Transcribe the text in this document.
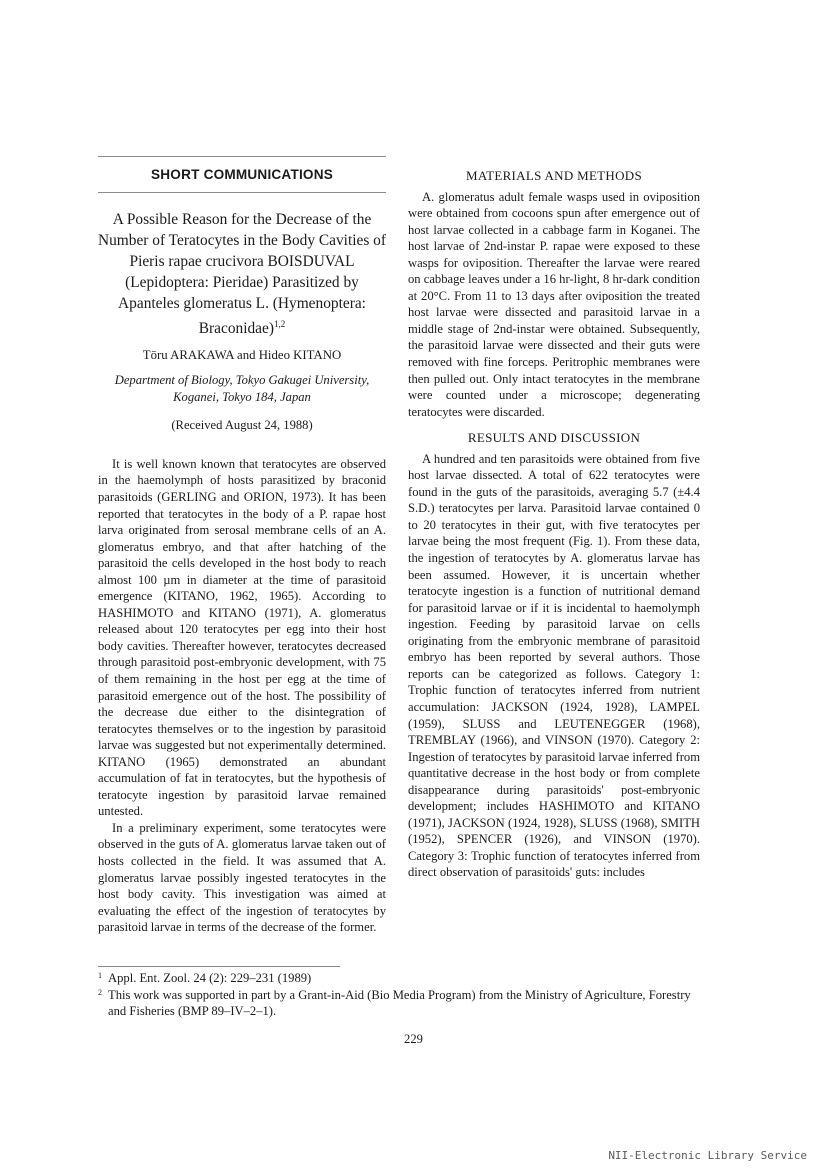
SHORT COMMUNICATIONS
A Possible Reason for the Decrease of the Number of Teratocytes in the Body Cavities of Pieris rapae crucivora BOISDUVAL (Lepidoptera: Pieridae) Parasitized by Apanteles glomeratus L. (Hymenoptera: Braconidae)$^{1,2}$
Tōru ARAKAWA and Hideo KITANO
Department of Biology, Tokyo Gakugei University,
Koganei, Tokyo 184, Japan
(Received August 24, 1988)

It is well known known that teratocytes are observed in the haemolymph of hosts parasitized by braconid parasitoids (GERLING and ORION, 1973). It has been reported that teratocytes in the body of a P. rapae host larva originated from serosal membrane cells of an A. glomeratus embryo, and that after hatching of the parasitoid the cells developed in the host body to reach almost 100 µm in diameter at the time of parasitoid emergence (KITANO, 1962, 1965). According to HASHIMOTO and KITANO (1971), A. glomeratus released about 120 teratocytes per egg into their host body cavities. Thereafter however, teratocytes decreased through parasitoid post-embryonic development, with 75 of them remaining in the host per egg at the time of parasitoid emergence out of the host. The possibility of the decrease due either to the disintegration of teratocytes themselves or to the ingestion by parasitoid larvae was suggested but not experimentally determined. KITANO (1965) demonstrated an abundant accumulation of fat in teratocytes, but the hypothesis of teratocyte ingestion by parasitoid larvae remained untested.

In a preliminary experiment, some teratocytes were observed in the guts of A. glomeratus larvae taken out of hosts collected in the field. It was assumed that A. glomeratus larvae possibly ingested teratocytes in the host body cavity. This investigation was aimed at evaluating the effect of the ingestion of teratocytes by parasitoid larvae in terms of the decrease of the former.

MATERIALS AND METHODS

A. glomeratus adult female wasps used in oviposition were obtained from cocoons spun after emergence out of host larvae collected in a cabbage farm in Koganei. The host larvae of 2nd-instar P. rapae were exposed to these wasps for oviposition. Thereafter the larvae were reared on cabbage leaves under a 16 hr-light, 8 hr-dark condition at 20°C. From 11 to 13 days after oviposition the treated host larvae were dissected and parasitoid larvae in a middle stage of 2nd-instar were obtained. Subsequently, the parasitoid larvae were dissected and their guts were removed with fine forceps. Peritrophic membranes were then pulled out. Only intact teratocytes in the membrane were counted under a microscope; degenerating teratocytes were discarded.

RESULTS AND DISCUSSION

A hundred and ten parasitoids were obtained from five host larvae dissected. A total of 622 teratocytes were found in the guts of the parasitoids, averaging 5.7 (±4.4 S.D.) teratocytes per larva. Parasitoid larvae contained 0 to 20 teratocytes in their gut, with five teratocytes per larvae being the most frequent (Fig. 1). From these data, the ingestion of teratocytes by A. glomeratus larvae has been assumed. However, it is uncertain whether teratocyte ingestion is a function of nutritional demand for parasitoid larvae or if it is incidental to haemolymph ingestion. Feeding by parasitoid larvae on cells originating from the embryonic membrane of parasitoid embryo has been reported by several authors. Those reports can be categorized as follows. Category 1: Trophic function of teratocytes inferred from nutrient accumulation: JACKSON (1924, 1928), LAMPEL (1959), SLUSS and LEUTENEGGER (1968), TREMBLAY (1966), and VINSON (1970). Category 2: Ingestion of teratocytes by parasitoid larvae inferred from quantitative decrease in the host body or from complete disappearance during parasitoids' post-embryonic development; includes HASHIMOTO and KITANO (1971), JACKSON (1924, 1928), SLUSS (1968), SMITH (1952), SPENCER (1926), and VINSON (1970). Category 3: Trophic function of teratocytes inferred from direct observation of parasitoids' guts: includes

1 Appl. Ent. Zool. 24 (2): 229–231 (1989)
2 This work was supported in part by a Grant-in-Aid (Bio Media Program) from the Ministry of Agriculture, Forestry and Fisheries (BMP 89–IV–2–1).
229
NII-Electronic Library Service
